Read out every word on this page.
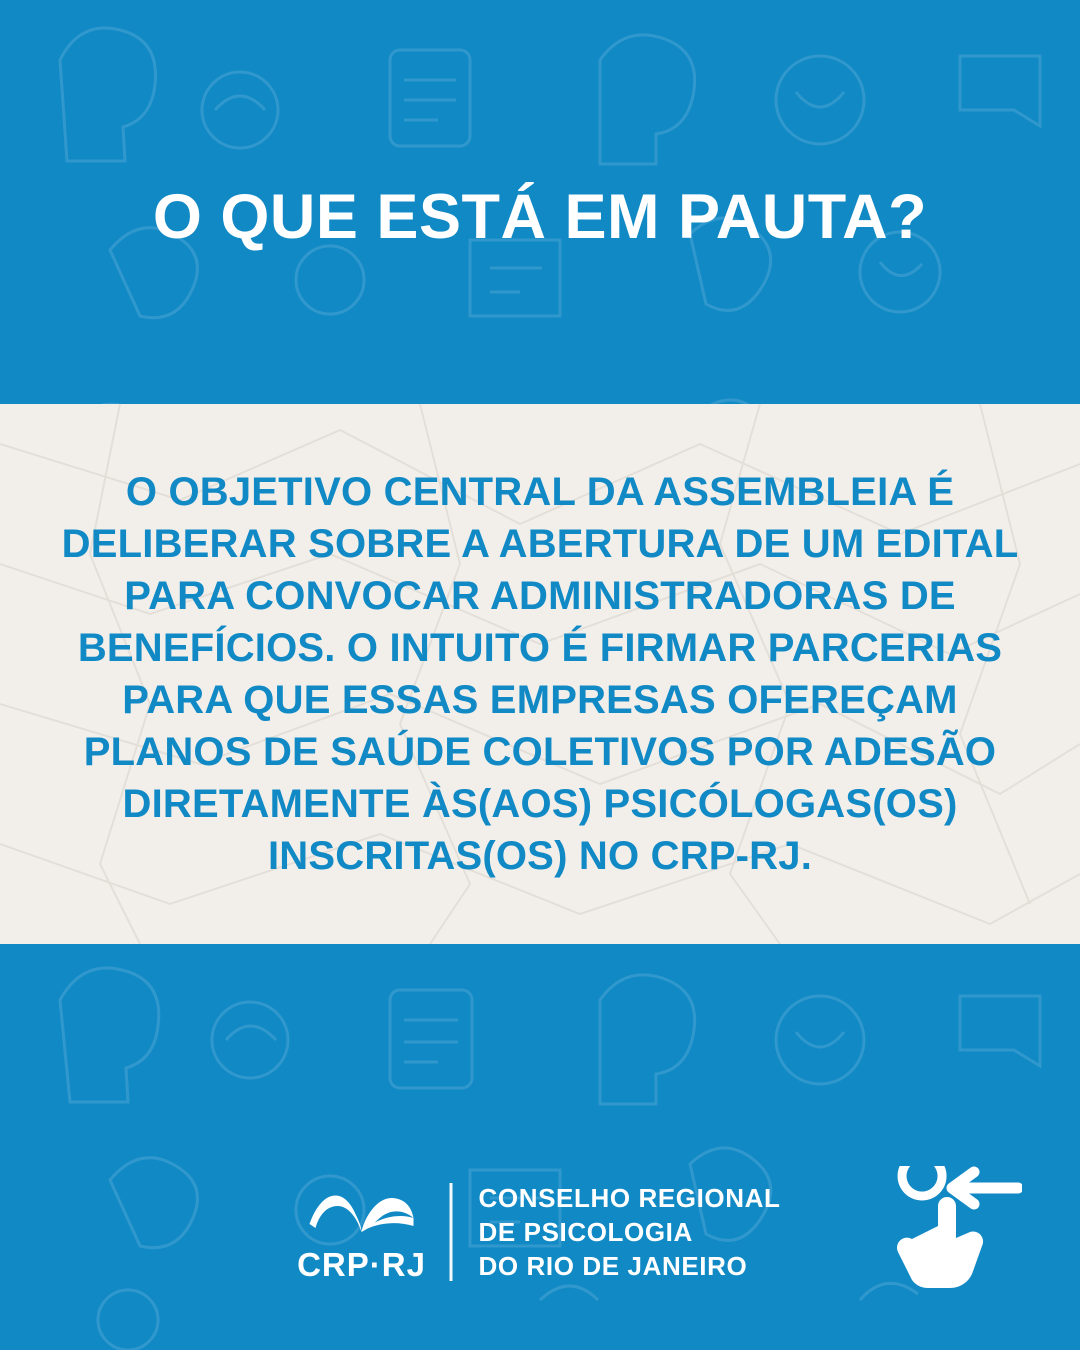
O QUE ESTÁ EM PAUTA?

O OBJETIVO CENTRAL DA ASSEMBLEIA É DELIBERAR SOBRE A ABERTURA DE UM EDITAL PARA CONVOCAR ADMINISTRADORAS DE BENEFÍCIOS. O INTUITO É FIRMAR PARCERIAS PARA QUE ESSAS EMPRESAS OFEREÇAM PLANOS DE SAÚDE COLETIVOS POR ADESÃO DIRETAMENTE ÀS(AOS) PSICÓLOGAS(OS) INSCRITAS(OS) NO CRP-RJ.

CRP·RJ
CONSELHO REGIONAL
DE PSICOLOGIA
DO RIO DE JANEIRO
